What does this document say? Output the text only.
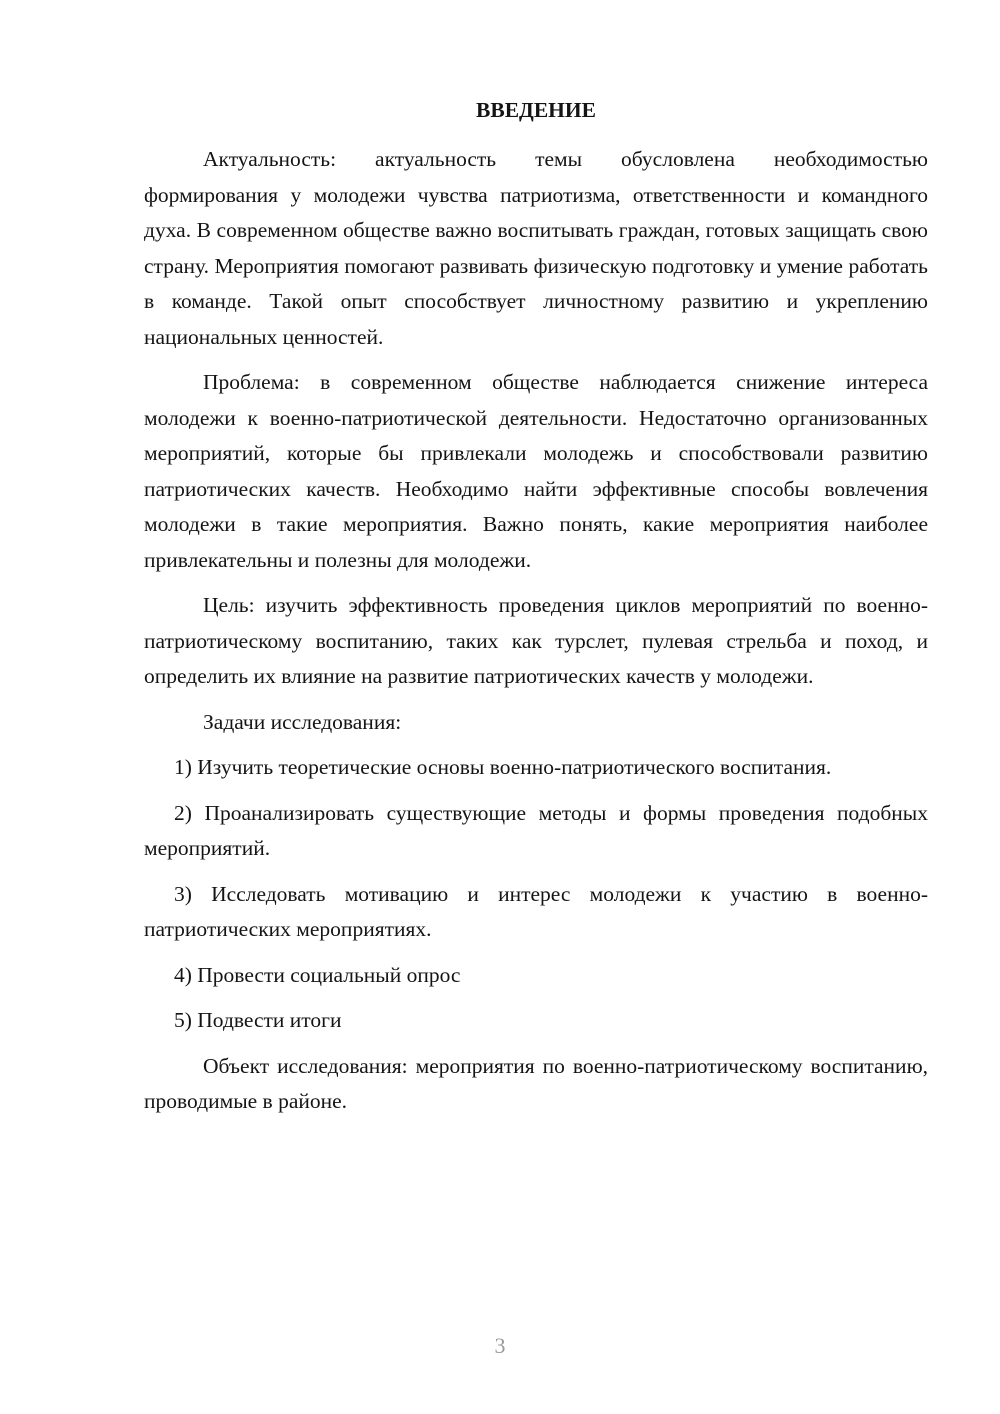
ВВЕДЕНИЕ

Актуальность: актуальность темы обусловлена необходимостью формирования у молодежи чувства патриотизма, ответственности и командного духа. В современном обществе важно воспитывать граждан, готовых защищать свою страну. Мероприятия помогают развивать физическую подготовку и умение работать в команде. Такой опыт способствует личностному развитию и укреплению национальных ценностей.

Проблема: в современном обществе наблюдается снижение интереса молодежи к военно-патриотической деятельности. Недостаточно организованных мероприятий, которые бы привлекали молодежь и способствовали развитию патриотических качеств. Необходимо найти эффективные способы вовлечения молодежи в такие мероприятия. Важно понять, какие мероприятия наиболее привлекательны и полезны для молодежи.

Цель: изучить эффективность проведения циклов мероприятий по военно-патриотическому воспитанию, таких как турслет, пулевая стрельба и поход, и определить их влияние на развитие патриотических качеств у молодежи.

Задачи исследования:

1) Изучить теоретические основы военно-патриотического воспитания.

2) Проанализировать существующие методы и формы проведения подобных мероприятий.

3) Исследовать мотивацию и интерес молодежи к участию в военно-патриотических мероприятиях.

4) Провести социальный опрос

5) Подвести итоги

Объект исследования: мероприятия по военно-патриотическому воспитанию, проводимые в районе.

3
